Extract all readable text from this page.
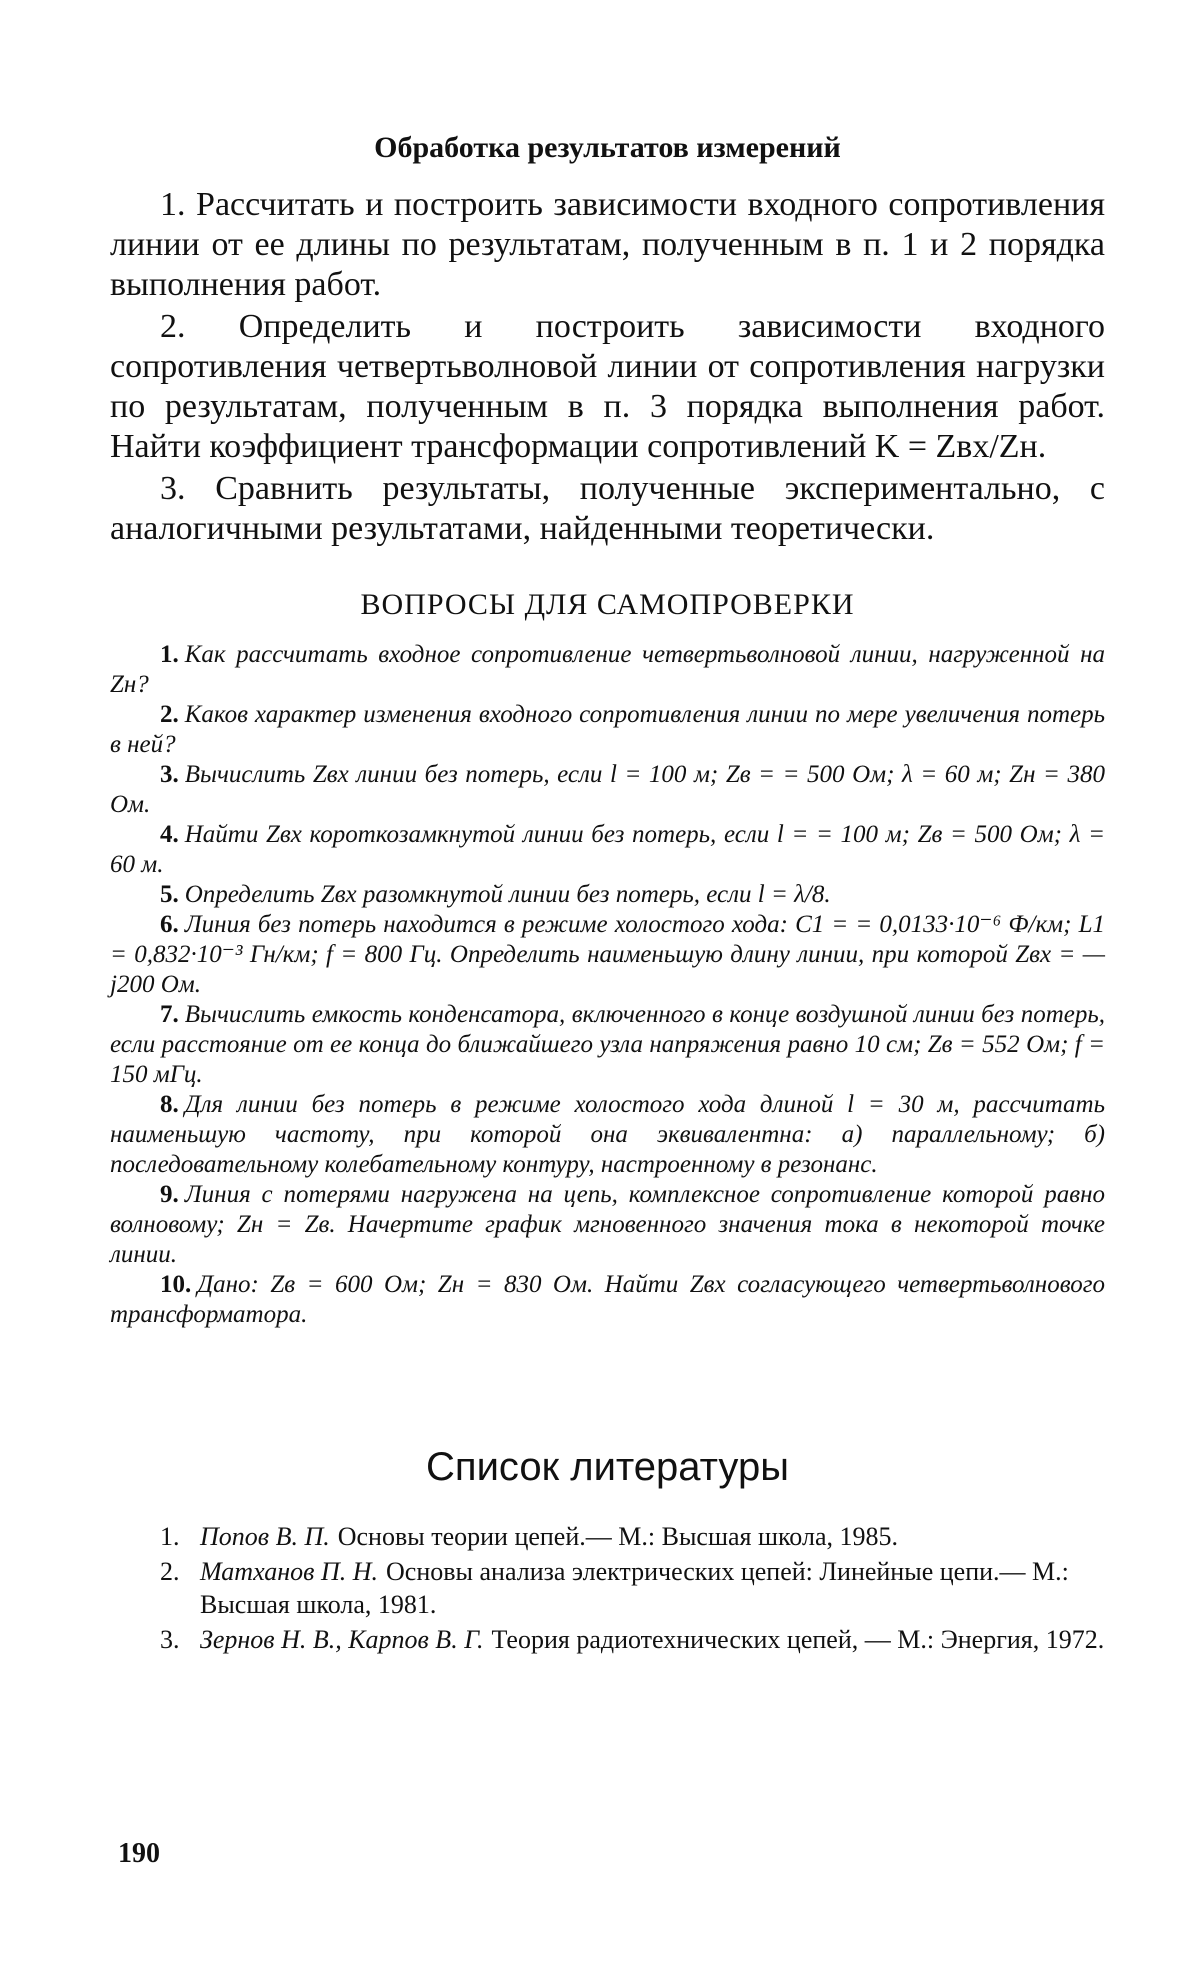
Обработка результатов измерений

1. Рассчитать и построить зависимости входного сопротивления линии от ее длины по результатам, полученным в п. 1 и 2 порядка выполнения работ.

2. Определить и построить зависимости входного сопротивления четвертьволновой линии от сопротивления нагрузки по результатам, полученным в п. 3 порядка выполнения работ. Найти коэффициент трансформации сопротивлений K = Zвх/Zн.

3. Сравнить результаты, полученные экспериментально, с аналогичными результатами, найденными теоретически.

ВОПРОСЫ ДЛЯ САМОПРОВЕРКИ

1. Как рассчитать входное сопротивление четвертьволновой линии, нагруженной на Zн?

2. Каков характер изменения входного сопротивления линии по мере увеличения потерь в ней?

3. Вычислить Zвх линии без потерь, если l = 100 м; Zв = = 500 Ом; λ = 60 м; Zн = 380 Ом.

4. Найти Zвх короткозамкнутой линии без потерь, если l = = 100 м; Zв = 500 Ом; λ = 60 м.

5. Определить Zвх разомкнутой линии без потерь, если l = λ/8.

6. Линия без потерь находится в режиме холостого хода: C1 = = 0,0133·10⁻⁶ Ф/км; L1 = 0,832·10⁻³ Гн/км; f = 800 Гц. Определить наименьшую длину линии, при которой Zвх = — j200 Ом.

7. Вычислить емкость конденсатора, включенного в конце воздушной линии без потерь, если расстояние от ее конца до ближайшего узла напряжения равно 10 см; Zв = 552 Ом; f = 150 мГц.

8. Для линии без потерь в режиме холостого хода длиной l = 30 м, рассчитать наименьшую частоту, при которой она эквивалентна: а) параллельному; б) последовательному колебательному контуру, настроенному в резонанс.

9. Линия с потерями нагружена на цепь, комплексное сопротивление которой равно волновому; Zн = Zв. Начертите график мгновенного значения тока в некоторой точке линии.

10. Дано: Zв = 600 Ом; Zн = 830 Ом. Найти Zвх согласующего четвертьволнового трансформатора.

Список литературы
1. Попов В. П. Основы теории цепей.— М.: Высшая школа, 1985.
2. Матханов П. Н. Основы анализа электрических цепей: Линейные цепи.— М.: Высшая школа, 1981.
3. Зернов Н. В., Карпов В. Г. Теория радиотехнических цепей, — М.: Энергия, 1972.
190
